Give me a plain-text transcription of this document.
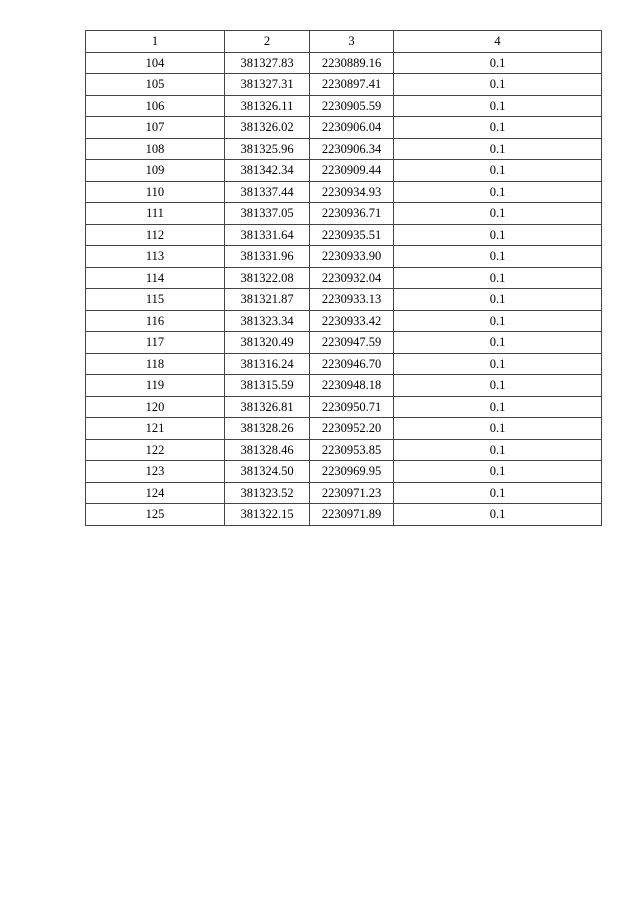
1	2	3	4
104	381327.83	2230889.16	0.1
105	381327.31	2230897.41	0.1
106	381326.11	2230905.59	0.1
107	381326.02	2230906.04	0.1
108	381325.96	2230906.34	0.1
109	381342.34	2230909.44	0.1
110	381337.44	2230934.93	0.1
111	381337.05	2230936.71	0.1
112	381331.64	2230935.51	0.1
113	381331.96	2230933.90	0.1
114	381322.08	2230932.04	0.1
115	381321.87	2230933.13	0.1
116	381323.34	2230933.42	0.1
117	381320.49	2230947.59	0.1
118	381316.24	2230946.70	0.1
119	381315.59	2230948.18	0.1
120	381326.81	2230950.71	0.1
121	381328.26	2230952.20	0.1
122	381328.46	2230953.85	0.1
123	381324.50	2230969.95	0.1
124	381323.52	2230971.23	0.1
125	381322.15	2230971.89	0.1
